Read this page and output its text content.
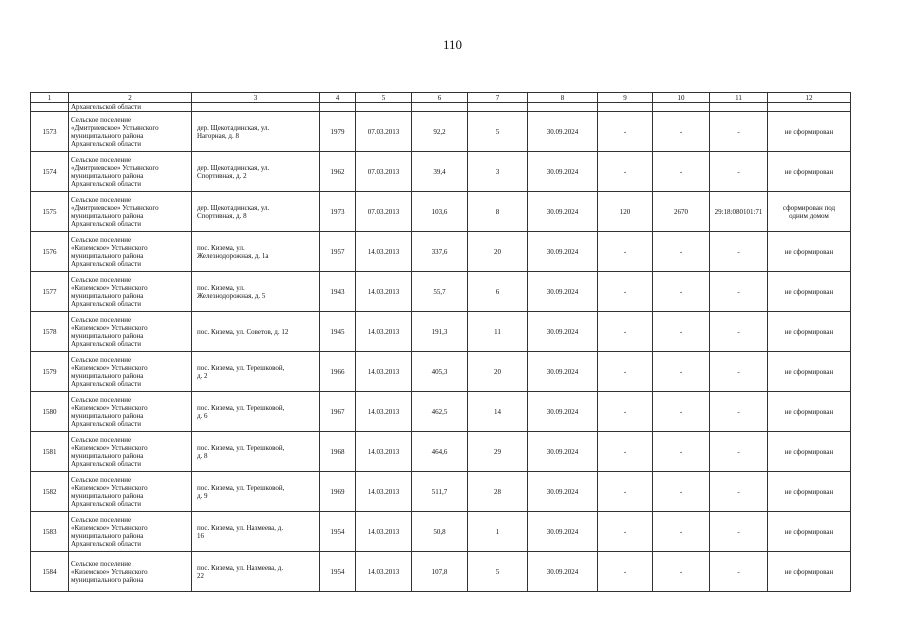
110
1	2	3	4	5	6	7	8	9	10	11	12
	Архангельской области										
1573	Сельское поселение
«Дмитриевское» Устьянского
муниципального района
Архангельской области	дер. Щекотадинская, ул.
Нагорная, д. 8	1979	07.03.2013	92,2	5	30.09.2024	-	-	-	не сформирован
1574	Сельское поселение
«Дмитриевское» Устьянского
муниципального района
Архангельской области	дер. Щекотадинская, ул.
Спортивная, д. 2	1962	07.03.2013	39,4	3	30.09.2024	-	-	-	не сформирован
1575	Сельское поселение
«Дмитриевское» Устьянского
муниципального района
Архангельской области	дер. Щекотадинская, ул.
Спортивная, д. 8	1973	07.03.2013	103,6	8	30.09.2024	120	2670	29:18:080101:71	сформирован под
одним домом
1576	Сельское поселение
«Киземское» Устьянского
муниципального района
Архангельской области	пос. Кизема, ул.
Железнодорожная, д. 1а	1957	14.03.2013	337,6	20	30.09.2024	-	-	-	не сформирован
1577	Сельское поселение
«Киземское» Устьянского
муниципального района
Архангельской области	пос. Кизема, ул.
Железнодорожная, д. 5	1943	14.03.2013	55,7	6	30.09.2024	-	-	-	не сформирован
1578	Сельское поселение
«Киземское» Устьянского
муниципального района
Архангельской области	пос. Кизема, ул. Советов, д. 12	1945	14.03.2013	191,3	11	30.09.2024	-	-	-	не сформирован
1579	Сельское поселение
«Киземское» Устьянского
муниципального района
Архангельской области	пос. Кизема, ул. Терешковой,
д. 2	1966	14.03.2013	405,3	20	30.09.2024	-	-	-	не сформирован
1580	Сельское поселение
«Киземское» Устьянского
муниципального района
Архангельской области	пос. Кизема, ул. Терешковой,
д. 6	1967	14.03.2013	462,5	14	30.09.2024	-	-	-	не сформирован
1581	Сельское поселение
«Киземское» Устьянского
муниципального района
Архангельской области	пос. Кизема, ул. Терешковой,
д. 8	1968	14.03.2013	464,6	29	30.09.2024	-	-	-	не сформирован
1582	Сельское поселение
«Киземское» Устьянского
муниципального района
Архангельской области	пос. Кизема, ул. Терешковой,
д. 9	1969	14.03.2013	511,7	28	30.09.2024	-	-	-	не сформирован
1583	Сельское поселение
«Киземское» Устьянского
муниципального района
Архангельской области	пос. Кизема, ул. Назмеева, д.
16	1954	14.03.2013	50,8	1	30.09.2024	-	-	-	не сформирован
1584	Сельское поселение
«Киземское» Устьянского
муниципального района	пос. Кизема, ул. Назмеева, д.
22	1954	14.03.2013	107,8	5	30.09.2024	-	-	-	не сформирован
